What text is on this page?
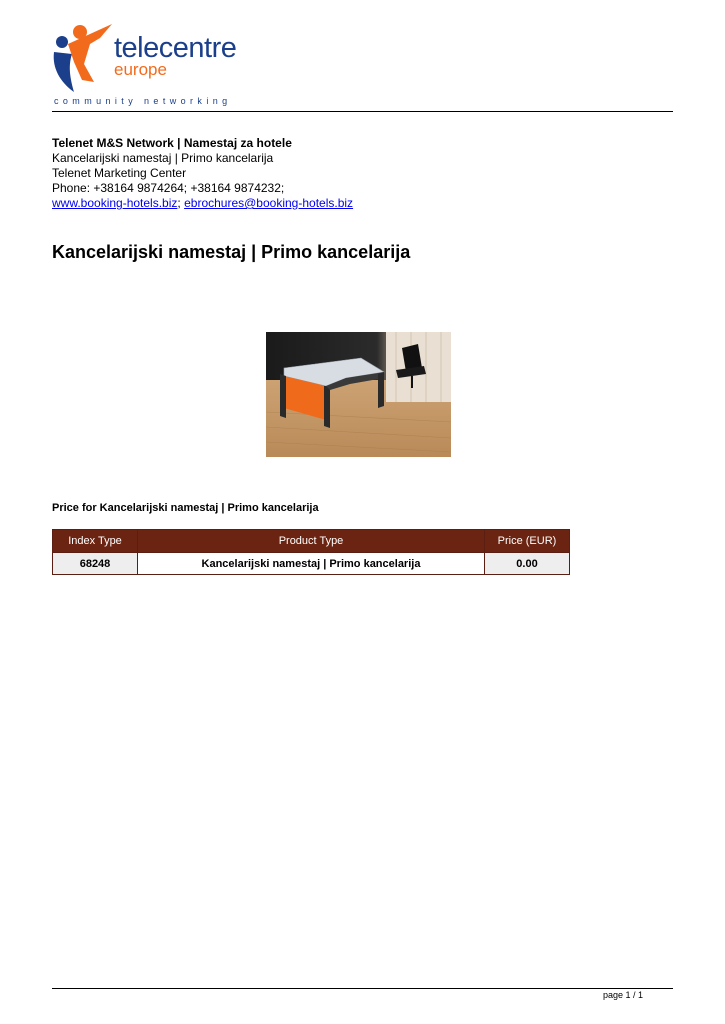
telecentre
europe
community networking
Telenet M&S Network | Namestaj za hotele
Kancelarijski namestaj | Primo kancelarija
Telenet Marketing Center
Phone: +38164 9874264; +38164 9874232;
www.booking-hotels.biz; ebrochures@booking-hotels.biz
Kancelarijski namestaj | Primo kancelarija
Price for Kancelarijski namestaj | Primo kancelarija
Index Type	Product Type	Price (EUR)
68248	Kancelarijski namestaj | Primo kancelarija	0.00
page 1 / 1
